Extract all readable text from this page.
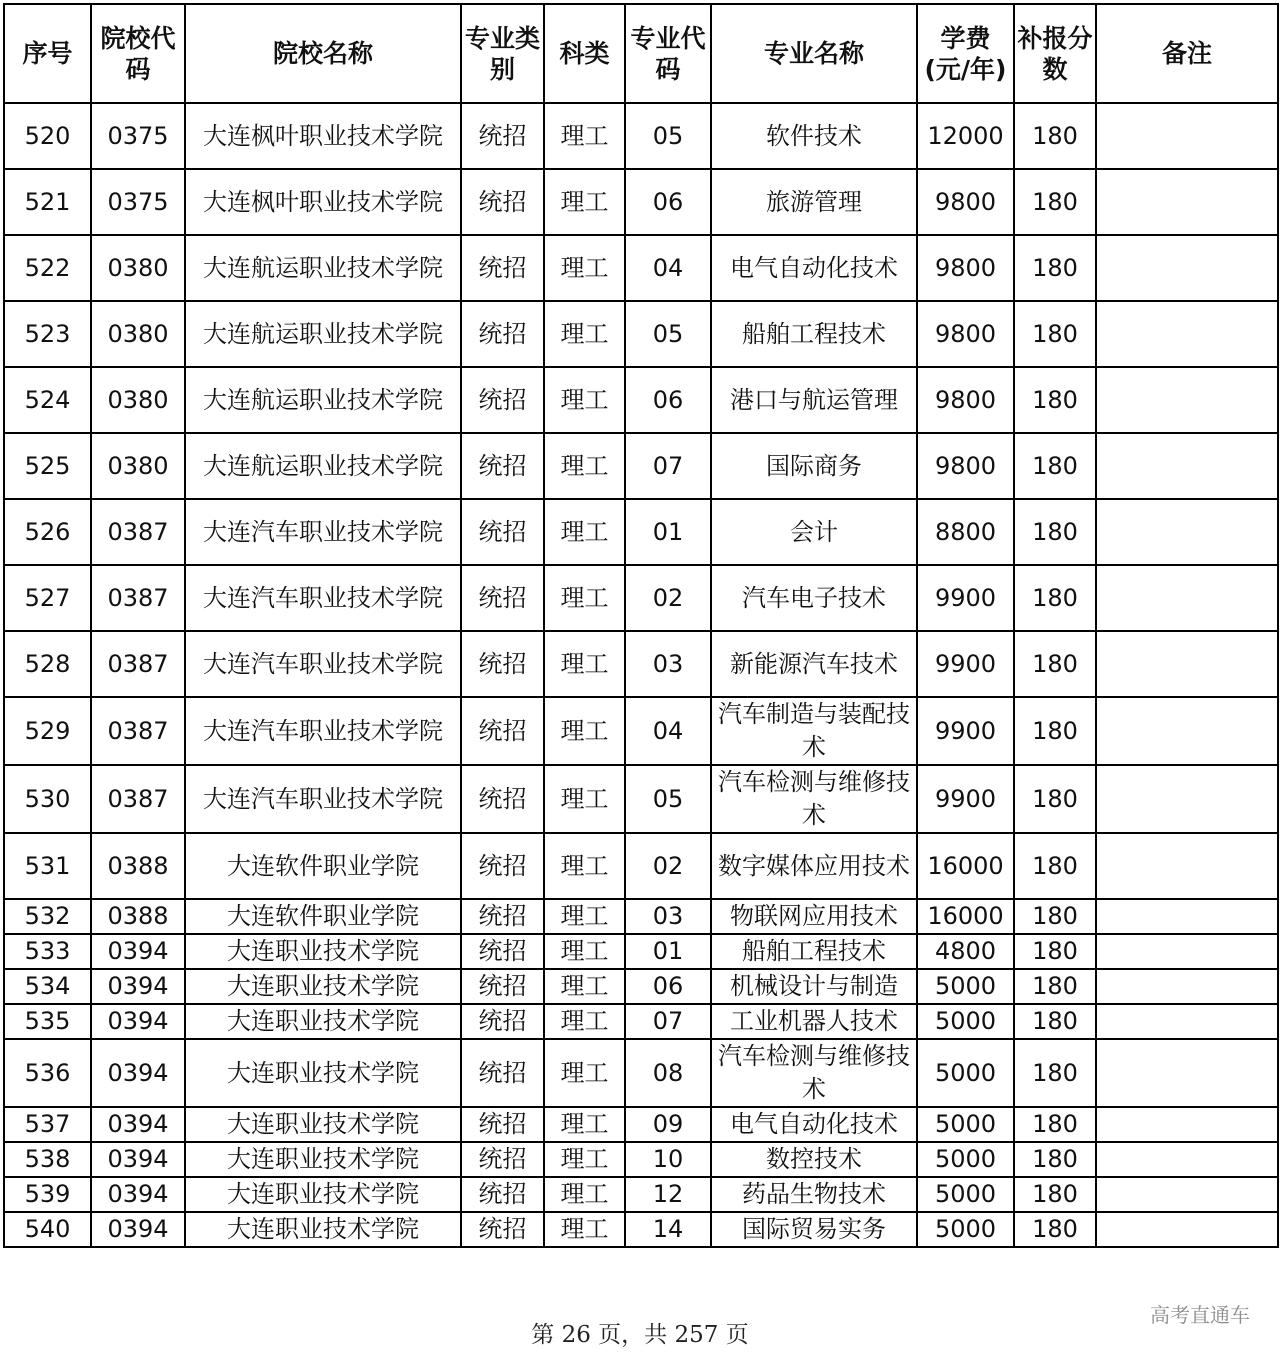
序号	院校代码	院校名称	专业类别	科类	专业代码	专业名称	学费(元/年)	补报分数	备注
520	0375	大连枫叶职业技术学院	统招	理工	05	软件技术	12000	180	
521	0375	大连枫叶职业技术学院	统招	理工	06	旅游管理	9800	180	
522	0380	大连航运职业技术学院	统招	理工	04	电气自动化技术	9800	180	
523	0380	大连航运职业技术学院	统招	理工	05	船舶工程技术	9800	180	
524	0380	大连航运职业技术学院	统招	理工	06	港口与航运管理	9800	180	
525	0380	大连航运职业技术学院	统招	理工	07	国际商务	9800	180	
526	0387	大连汽车职业技术学院	统招	理工	01	会计	8800	180	
527	0387	大连汽车职业技术学院	统招	理工	02	汽车电子技术	9900	180	
528	0387	大连汽车职业技术学院	统招	理工	03	新能源汽车技术	9900	180	
529	0387	大连汽车职业技术学院	统招	理工	04	汽车制造与装配技术	9900	180	
530	0387	大连汽车职业技术学院	统招	理工	05	汽车检测与维修技术	9900	180	
531	0388	大连软件职业学院	统招	理工	02	数字媒体应用技术	16000	180	
532	0388	大连软件职业学院	统招	理工	03	物联网应用技术	16000	180	
533	0394	大连职业技术学院	统招	理工	01	船舶工程技术	4800	180	
534	0394	大连职业技术学院	统招	理工	06	机械设计与制造	5000	180	
535	0394	大连职业技术学院	统招	理工	07	工业机器人技术	5000	180	
536	0394	大连职业技术学院	统招	理工	08	汽车检测与维修技术	5000	180	
537	0394	大连职业技术学院	统招	理工	09	电气自动化技术	5000	180	
538	0394	大连职业技术学院	统招	理工	10	数控技术	5000	180	
539	0394	大连职业技术学院	统招	理工	12	药品生物技术	5000	180	
540	0394	大连职业技术学院	统招	理工	14	国际贸易实务	5000	180	
第 26 页，共 257 页
高考直通车
